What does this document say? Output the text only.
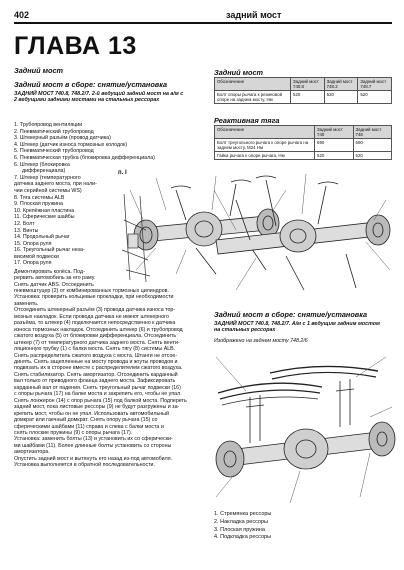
402	задний мост
ГЛАВА 13
Задний мост
Задний мост в сборе: снятие/установка
ЗАДНИЙ МОСТ 740.8, 748.2/7. 2-й ведущий задний мост на а/м с
2 ведущими задними мостами на стальных рессорах
1. Трубопровод вентиляции
2. Пневматический трубопровод
3. Штекерный разъём (провод датчика)
4. Штекер (датчик износа тормозных колодок)
5. Пневматический трубопровод
6. Пневматическая трубка (блокировка дифференциала)
6. Штекер (блокировка
дифференциала)
7. Штекер (температурного
датчика заднего моста, при нали-
чии серийной системы WS)
8. Тяга системы ALB
9. Плоская пружина
10. Крепёжная пластина
11. Сферические шайбы
12. Болт
13. Винты
14. Продольный рычаг
15. Опора руля
16. Треугольный рычаг неза-
висимой подвески
17. Опора руля
Демонтировать колёса. Под-
рервить автомобиль за его раму.
Снять датчик ABS. Отсоединить
пневмоштуцер (2) от комбинированных тормозных цилиндров.
Установка: проверить кольцевые прокладки, при необходимости
заменить.
Отсоединить штекерный разъём (3) провода датчика износа тор-
мозных накладок. Если провода датчика не имеют штекерного
разъёма, то штекер (4) подключается непосредственно к датчика
износа тормозных накладок. Отсоединить штекер (6) и трубопровод
сжатого воздуха (5) от блокировки дифференциала. Отсоединить
штекер (7) от температурного датчика заднего моста. Снять венти-
ляционную трубку (1) с балки моста. Снять тягу (8) системы ALB.
Снять распределитель сжатого воздуха с моста. Штанги не отсое-
динять. Снять зацепленные на мосту провода и жгуты проводов и
подвязать их в стороне вместе с распределителем сжатого воздуха.
Снять стабилизатор. Снять амортизатор. Отсоединить карданный
вал только от приводного фланца заднего моста. Зафиксировать
карданный вал от падения. Снять треугольный рычаг подвески (16)
с опоры рычага (17) на балке моста и закрепить его, чтобы не упал.
Снять лонжерон (14) с опор рычага (15) под балкой моста. Подпереть
задний мост, пока листовые рессоры (9) не будут разгружены и за-
крепить мост, чтобы он не упал. Использовать автомобильный
домкрат или гаечный домкрат. Снять опору рычага (15) со
сферическими шайбами (11) справа и слева с балки моста и
снять плоские пружины (9) с опоры рычага (17).
Установка: заменить болты (13) и установить их со сферически-
ми шайбами (11). Более длинные болты установить со стороны
амортизатора.
Опустить задний мост и вытянуть его назад из-под автомобиля.
Установка выполняется в обратной последовательности.
п. І
Задний мост
Обозначение	Задний мост 740.8	Задний мост 748.2	Задний мост 748.7
Болт опоры рычага к резиновой опоре на заднем мосту, Нм	520	520	520
Реактивная тяга
Обозначение	Задний мост 740	Задний мост 748
Болт треугольного рычага к опоре рычага на заднем мосту, М24 Нм	690	690
Гайка рычага к опоре рычага, Нм	520	520
Задний мост в сборе: снятие/установка
ЗАДНИЙ МОСТ 740.8, 748.2/7. А/м с 1 ведущим задним мостом
на стальных рессорах
Изображено на заднем мосту 748.2/6
1. Стремянка рессоры
2. Накладка рессоры
3. Плоская пружина
4. Подкладка рессоры
